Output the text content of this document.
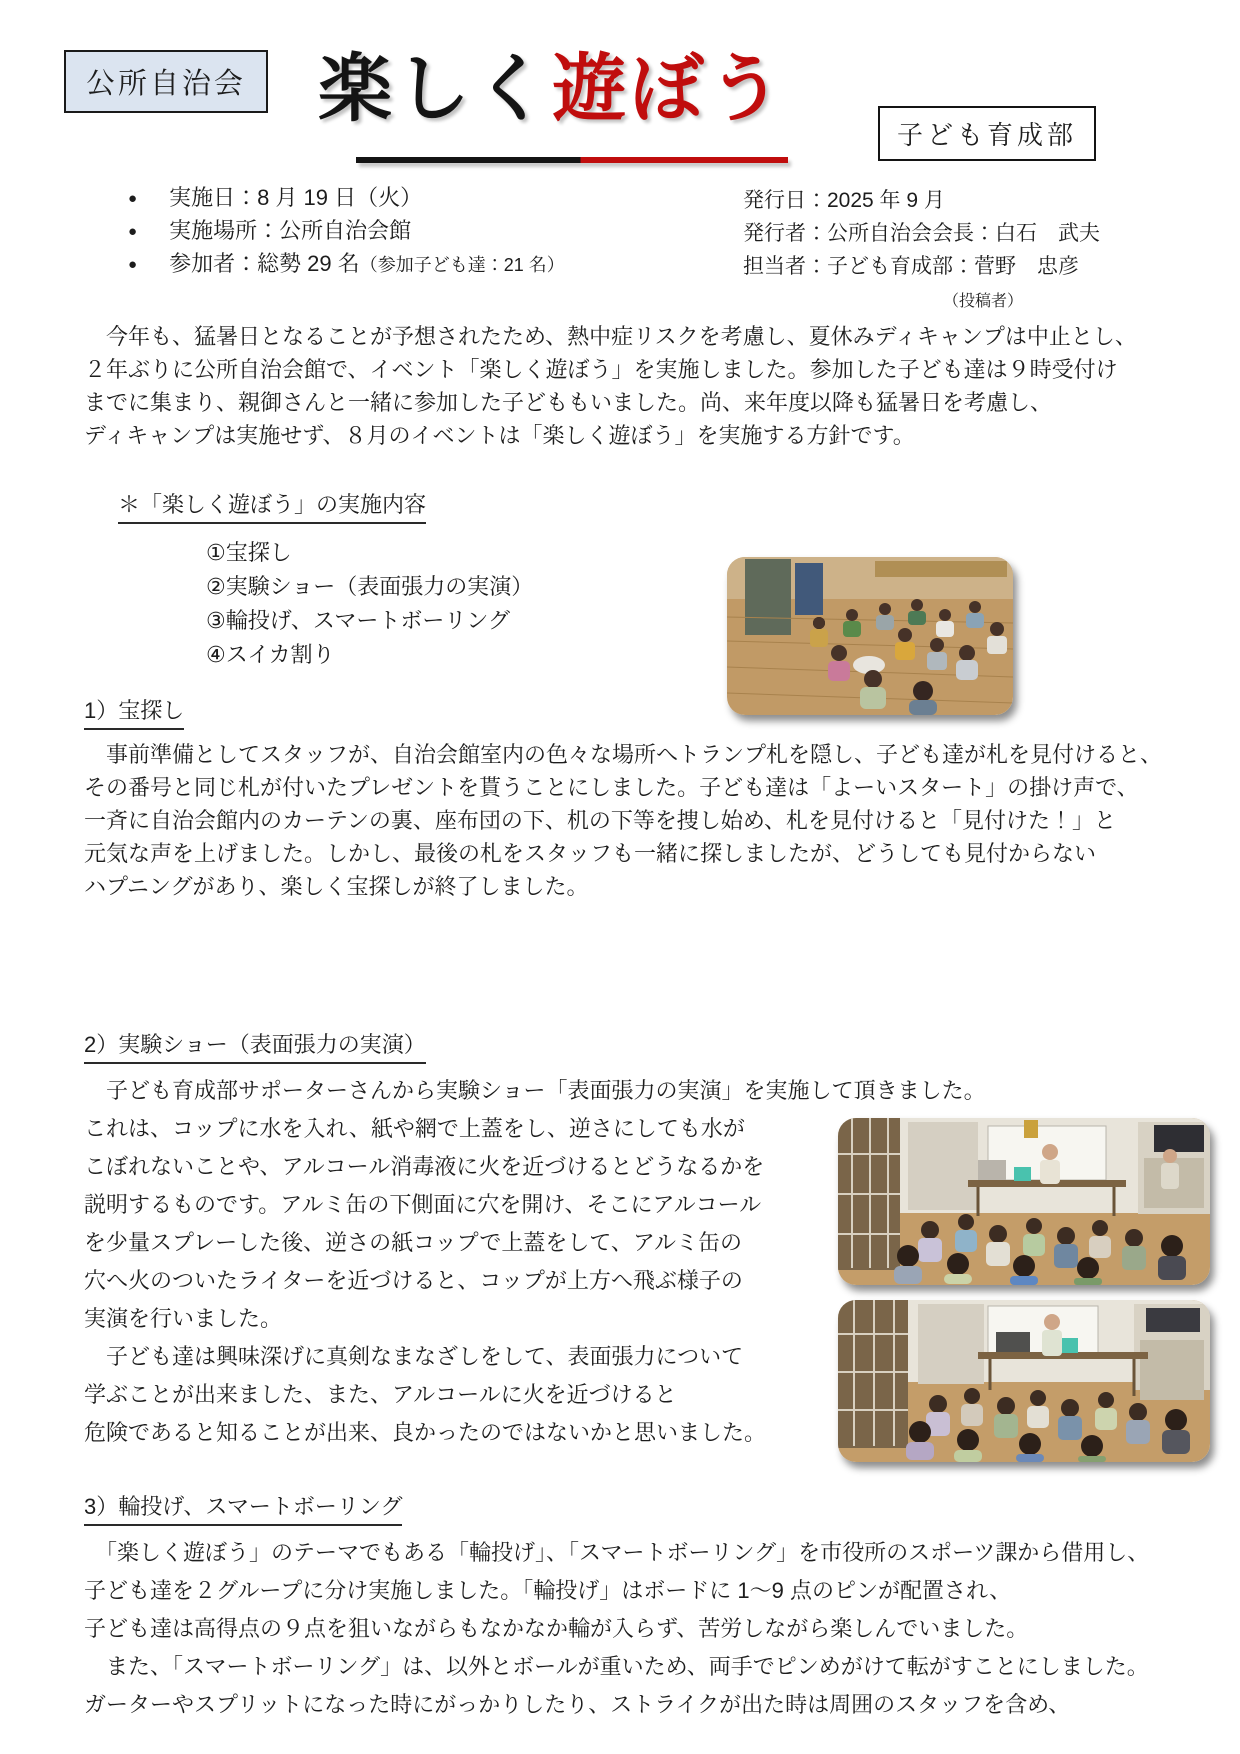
公所自治会 楽しく遊ぼう
子ども育成部
● 実施日：8 月 19 日（火）
● 実施場所：公所自治会館
● 参加者：総勢 29 名 （参加子ども達：21 名）
発行日：2025 年 9 月
発行者：公所自治会会長：白石　武夫
担当者：子ども育成部：菅野　忠彦
（投稿者）
　今年も、猛暑日となることが予想されたため、熱中症リスクを考慮し、夏休みディキャンプは中止とし、
２年ぶりに公所自治会館で、イベント「楽しく遊ぼう」を実施しました。参加した子ども達は９時受付け
までに集まり、親御さんと一緒に参加した子どももいました。尚、来年度以降も猛暑日を考慮し、
ディキャンプは実施せず、８月のイベントは「楽しく遊ぼう」を実施する方針です。
＊「楽しく遊ぼう」の実施内容
①宝探し
②実験ショー（表面張力の実演）
③輪投げ、スマートボーリング
④スイカ割り
1）宝探し
　事前準備としてスタッフが、自治会館室内の色々な場所へトランプ札を隠し、子ども達が札を見付けると、
その番号と同じ札が付いたプレゼントを貰うことにしました。子ども達は「よーいスタート」の掛け声で、
一斉に自治会館内のカーテンの裏、座布団の下、机の下等を捜し始め、札を見付けると「見付けた！」と
元気な声を上げました。しかし、最後の札をスタッフも一緒に探しましたが、どうしても見付からない
ハプニングがあり、楽しく宝探しが終了しました。
2）実験ショー（表面張力の実演）
　子ども育成部サポーターさんから実験ショー「表面張力の実演」を実施して頂きました。
これは、コップに水を入れ、紙や網で上蓋をし、逆さにしても水が
こぼれないことや、アルコール消毒液に火を近づけるとどうなるかを
説明するものです。アルミ缶の下側面に穴を開け、そこにアルコール
を少量スプレーした後、逆さの紙コップで上蓋をして、アルミ缶の
穴へ火のついたライターを近づけると、コップが上方へ飛ぶ様子の
実演を行いました。
　子ども達は興味深げに真剣なまなざしをして、表面張力について
学ぶことが出来ました、また、アルコールに火を近づけると
危険であると知ることが出来、良かったのではないかと思いました。
3）輪投げ、スマートボーリング
　「楽しく遊ぼう」のテーマでもある「輪投げ」、「スマートボーリング」を市役所のスポーツ課から借用し、
子ども達を２グループに分け実施しました。「輪投げ」はボードに 1～9 点のピンが配置され、
子ども達は高得点の９点を狙いながらもなかなか輪が入らず、苦労しながら楽しんでいました。
　また、「スマートボーリング」は、以外とボールが重いため、両手でピンめがけて転がすことにしました。
ガーターやスプリットになった時にがっかりしたり、ストライクが出た時は周囲のスタッフを含め、
